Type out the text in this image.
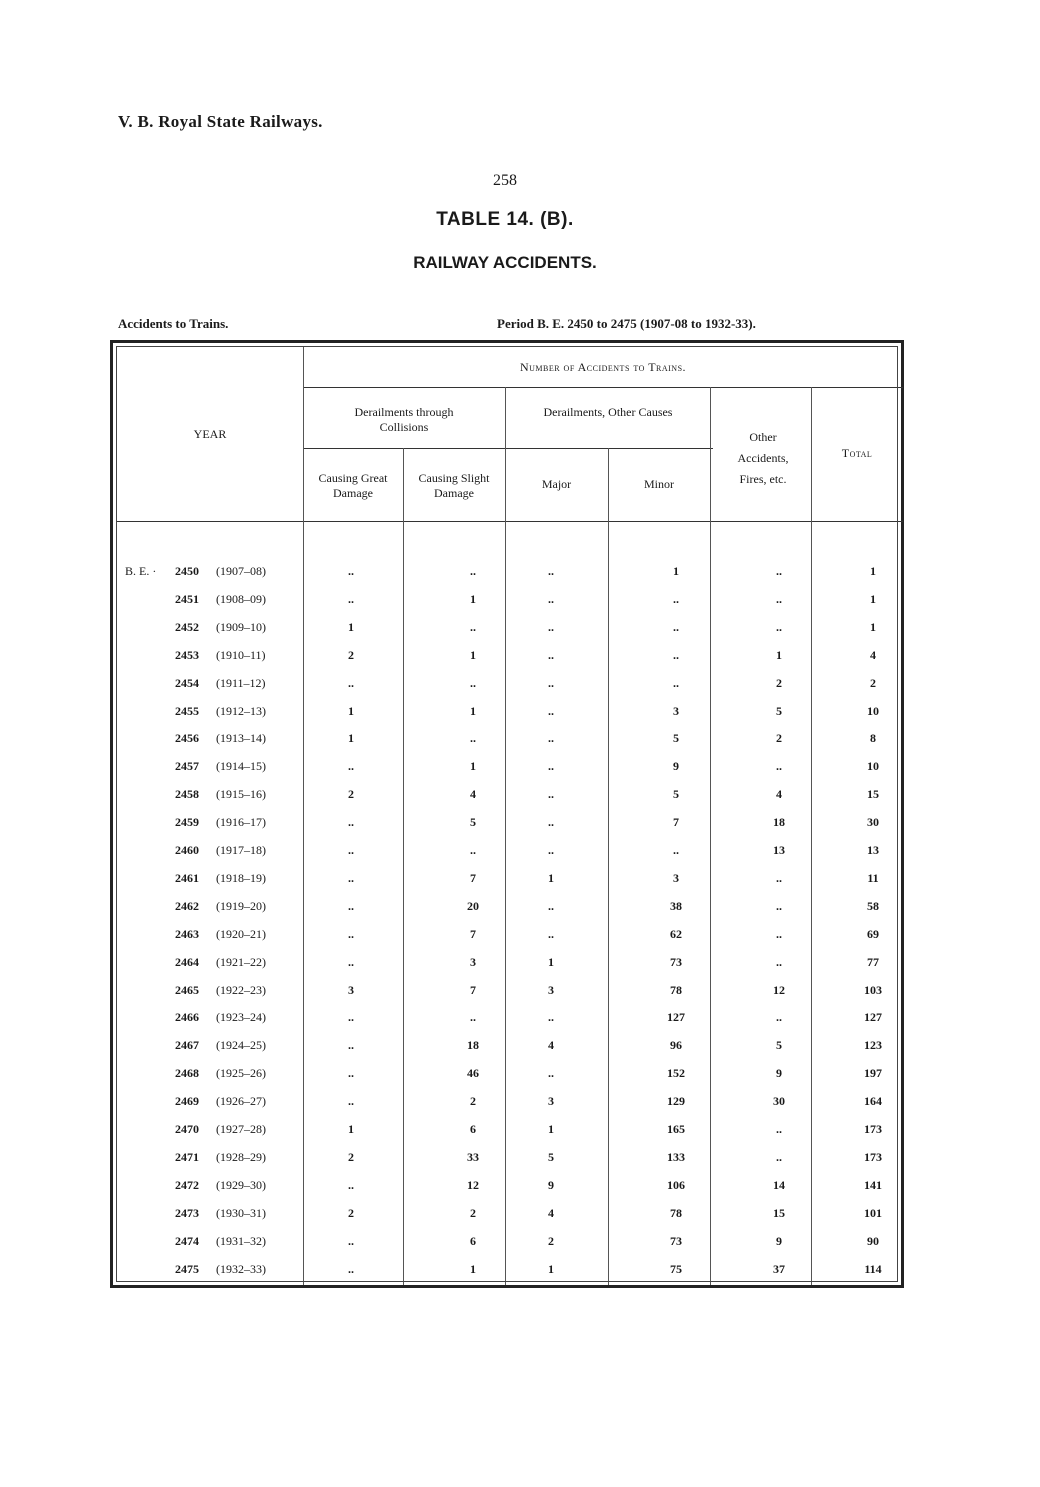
V. B. Royal State Railways.
258
TABLE 14. (B).
RAILWAY ACCIDENTS.
Accidents to Trains.	Period B. E. 2450 to 2475 (1907-08 to 1932-33).
YEAR
Number of Accidents to Trains.
Derailments through Collisions
Derailments, Other Causes
Causing Great Damage
Causing Slight Damage
Major	Minor
Other Accidents, Fires, etc.
Total
B. E. ·	2450 (1907–08)	..	..	..	1	..	1
2451 (1908–09)	..	1	..	..	..	1
2452 (1909–10)	1	..	..	..	..	1
2453 (1910–11)	2	1	..	..	1	4
2454 (1911–12)	..	..	..	..	2	2
2455 (1912–13)	1	1	..	3	5	10
2456 (1913–14)	1	..	..	5	2	8
2457 (1914–15)	..	1	..	9	..	10
2458 (1915–16)	2	4	..	5	4	15
2459 (1916–17)	..	5	..	7	18	30
2460 (1917–18)	..	..	..	..	13	13
2461 (1918–19)	..	7	1	3	..	11
2462 (1919–20)	..	20	..	38	..	58
2463 (1920–21)	..	7	..	62	..	69
2464 (1921–22)	..	3	1	73	..	77
2465 (1922–23)	3	7	3	78	12	103
2466 (1923–24)	..	..	..	127	..	127
2467 (1924–25)	..	18	4	96	5	123
2468 (1925–26)	..	46	..	152	9	197
2469 (1926–27)	..	2	3	129	30	164
2470 (1927–28)	1	6	1	165	..	173
2471 (1928–29)	2	33	5	133	..	173
2472 (1929–30)	..	12	9	106	14	141
2473 (1930–31)	2	2	4	78	15	101
2474 (1931–32)	..	6	2	73	9	90
2475 (1932–33)	..	1	1	75	37	114
